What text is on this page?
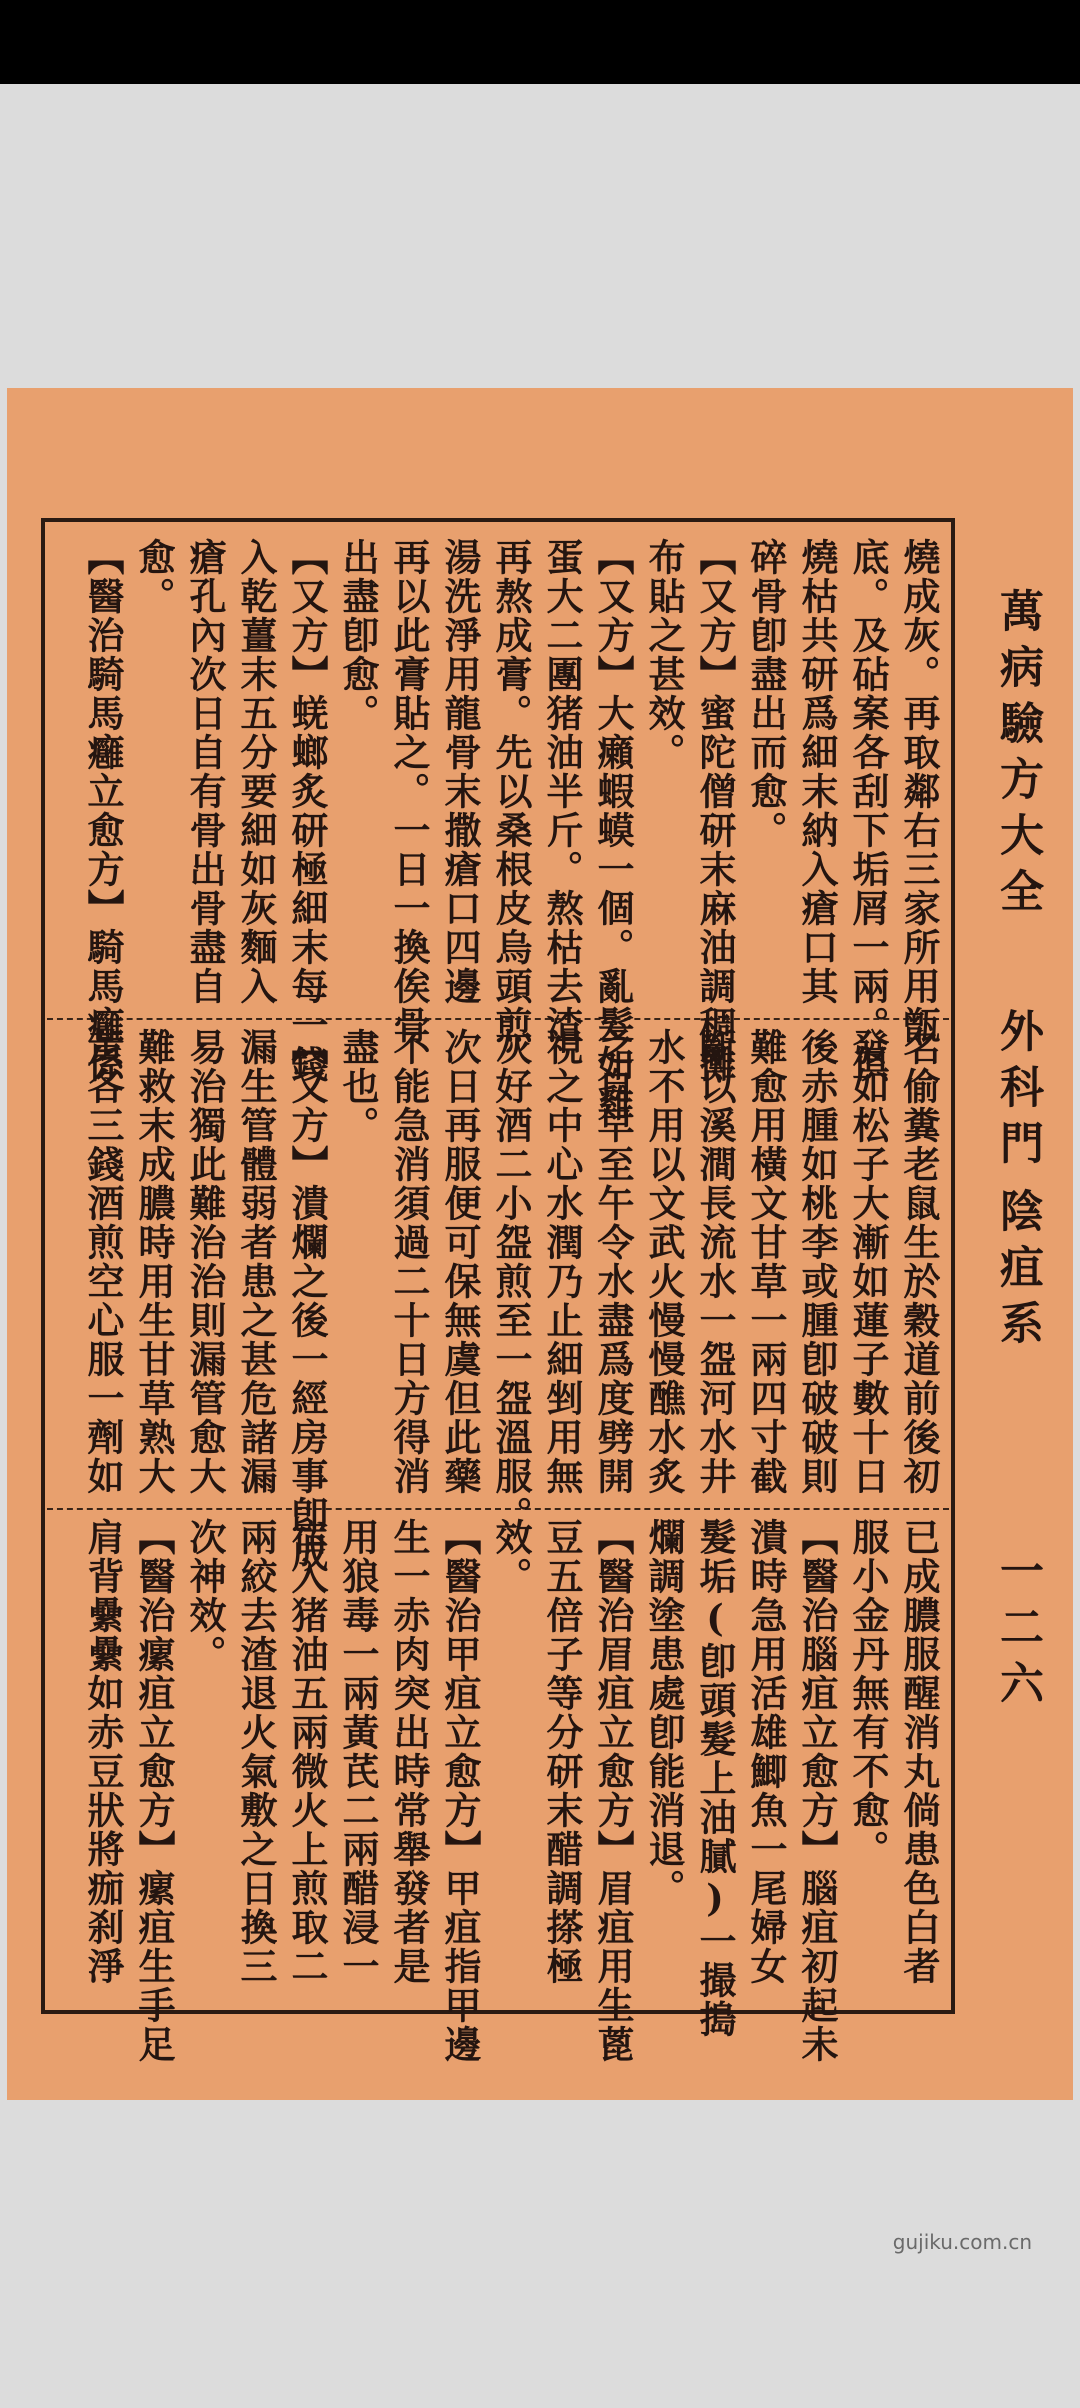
萬病驗方大全
外科門
陰疽系
一二六
燒成灰。再取鄰右三家所用甑
底。及砧案各刮下垢屑一兩。俱
燒枯共研爲細末納入瘡口其
碎骨卽盡出而愈。
【又方】蜜陀僧研末麻油調稠攤
布貼之甚效。
【又方】大癩蝦蟆一個。亂髮如雞
蛋大二團猪油半斤。熬枯去渣
再熬成膏。先以桑根皮烏頭煎
湯洗淨用龍骨末撒瘡口四邊
再以此膏貼之。一日一換俟骨
出盡卽愈。
【又方】蜣螂炙研極細末每一錢
入乾薑末五分要細如灰麵入
瘡孔內次日自有骨出骨盡自
愈。
【醫治騎馬癰立愈方】騎馬癰係
名偷糞老鼠生於穀道前後初
發如松子大漸如蓮子數十日
後赤腫如桃李或腫卽破破則
難愈用橫文甘草一兩四寸截
斷以溪澗長流水一盌河水井
水不用以文武火慢慢醮水炙
之自早至午令水盡爲度劈開
視之中心水潤乃止細剉用無
灰好酒二小盌煎至一盌溫服。
次日再服便可保無虞但此藥
不能急消須過二十日方得消
盡也。
【又方】潰爛之後一經房事卽成
漏生管體弱者患之甚危諸漏
易治獨此難治治則漏管愈大
難救末成膿時用生甘草熟大
黃各三錢酒煎空心服一劑如
已成膿服醒消丸倘患色白者
服小金丹無有不愈。
【醫治腦疽立愈方】腦疽初起未
潰時急用活雄鯽魚一尾婦女
髮垢(卽頭髮上油膩)一撮搗
爛調塗患處卽能消退。
【醫治眉疽立愈方】眉疽用生蓖
豆五倍子等分研末醋調搽極
效。
【醫治甲疽立愈方】甲疽指甲邊
生一赤肉突出時常舉發者是
用狼毒一兩黃芪二兩醋浸一
宿入猪油五兩微火上煎取二
兩絞去渣退火氣敷之日換三
次神效。
【醫治瘰疽立愈方】瘰疽生手足
肩背纍纍如赤豆狀將痂刹淨
gujiku.com.cn
